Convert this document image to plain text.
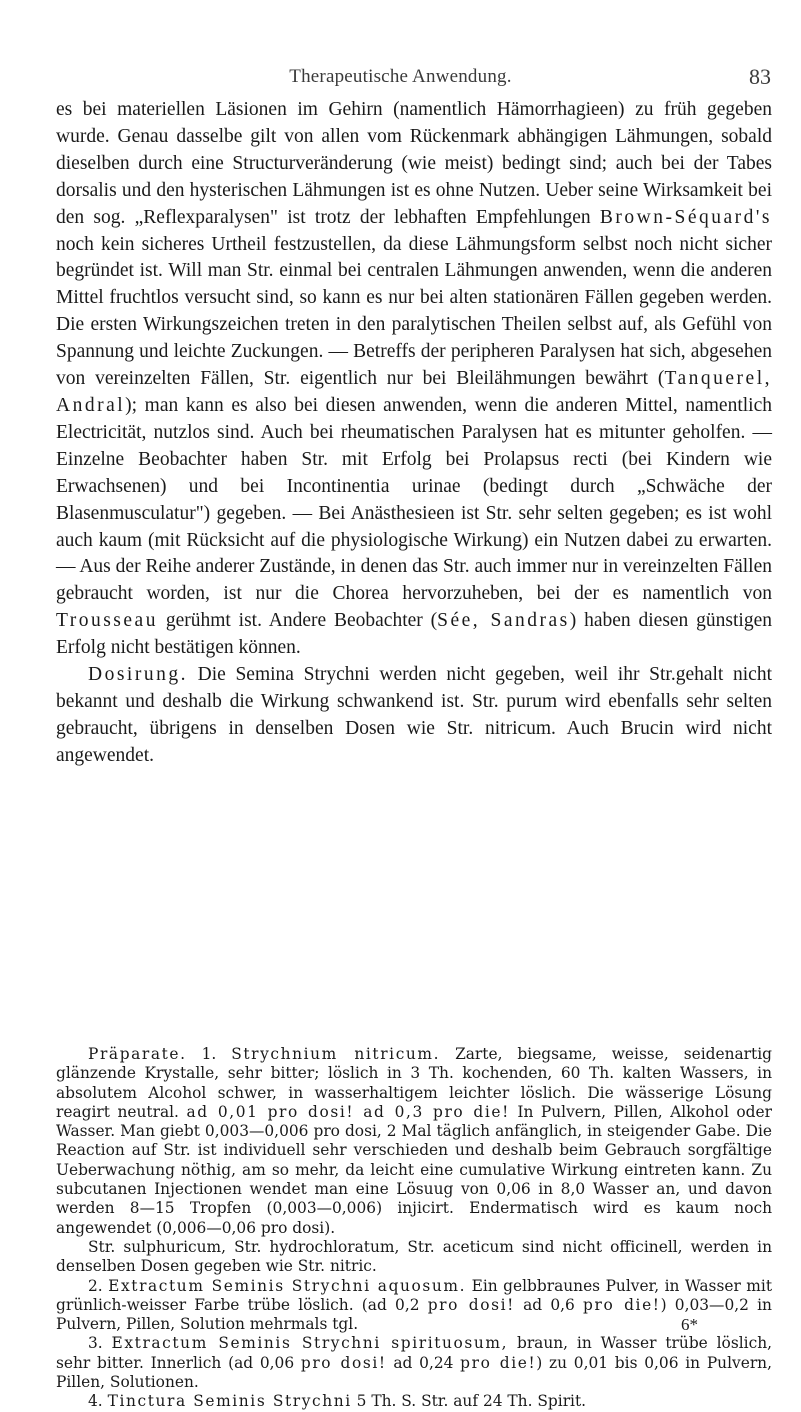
Therapeutische Anwendung.	83

es bei materiellen Läsionen im Gehirn (namentlich Hämorrhagieen) zu früh gegeben wurde. Genau dasselbe gilt von allen vom Rückenmark abhängigen Lähmungen, sobald dieselben durch eine Structurveränderung (wie meist) bedingt sind; auch bei der Tabes dorsalis und den hysterischen Lähmungen ist es ohne Nutzen. Ueber seine Wirksamkeit bei den sog. „Reflexparalysen" ist trotz der lebhaften Empfehlungen Brown-Séquard's noch kein sicheres Urtheil festzustellen, da diese Lähmungsform selbst noch nicht sicher begründet ist. Will man Str. einmal bei centralen Lähmungen anwenden, wenn die anderen Mittel fruchtlos versucht sind, so kann es nur bei alten stationären Fällen gegeben werden. Die ersten Wirkungszeichen treten in den paralytischen Theilen selbst auf, als Gefühl von Spannung und leichte Zuckungen. — Betreffs der peripheren Paralysen hat sich, abgesehen von vereinzelten Fällen, Str. eigentlich nur bei Bleilähmungen bewährt (Tanquerel, Andral); man kann es also bei diesen anwenden, wenn die anderen Mittel, namentlich Electricität, nutzlos sind. Auch bei rheumatischen Paralysen hat es mitunter geholfen. — Einzelne Beobachter haben Str. mit Erfolg bei Prolapsus recti (bei Kindern wie Erwachsenen) und bei Incontinentia urinae (bedingt durch „Schwäche der Blasenmusculatur") gegeben. — Bei Anästhesieen ist Str. sehr selten gegeben; es ist wohl auch kaum (mit Rücksicht auf die physiologische Wirkung) ein Nutzen dabei zu erwarten. — Aus der Reihe anderer Zustände, in denen das Str. auch immer nur in vereinzelten Fällen gebraucht worden, ist nur die Chorea hervorzuheben, bei der es namentlich von Trousseau gerühmt ist. Andere Beobachter (Sée, Sandras) haben diesen günstigen Erfolg nicht bestätigen können.

Dosirung. Die Semina Strychni werden nicht gegeben, weil ihr Str.gehalt nicht bekannt und deshalb die Wirkung schwankend ist. Str. purum wird ebenfalls sehr selten gebraucht, übrigens in denselben Dosen wie Str. nitricum. Auch Brucin wird nicht angewendet.

Präparate. 1. Strychnium nitricum. Zarte, biegsame, weisse, seidenartig glänzende Krystalle, sehr bitter; löslich in 3 Th. kochenden, 60 Th. kalten Wassers, in absolutem Alcohol schwer, in wasserhaltigem leichter löslich. Die wässerige Lösung reagirt neutral. ad 0,01 pro dosi! ad 0,3 pro die! In Pulvern, Pillen, Alkohol oder Wasser. Man giebt 0,003—0,006 pro dosi, 2 Mal täglich anfänglich, in steigender Gabe. Die Reaction auf Str. ist individuell sehr verschieden und deshalb beim Gebrauch sorgfältige Ueberwachung nöthig, am so mehr, da leicht eine cumulative Wirkung eintreten kann. Zu subcutanen Injectionen wendet man eine Lösuug von 0,06 in 8,0 Wasser an, und davon werden 8—15 Tropfen (0,003—0,006) injicirt. Endermatisch wird es kaum noch angewendet (0,006—0,06 pro dosi).

Str. sulphuricum, Str. hydrochloratum, Str. aceticum sind nicht officinell, werden in denselben Dosen gegeben wie Str. nitric.

2. Extractum Seminis Strychni aquosum. Ein gelbbraunes Pulver, in Wasser mit grünlich-weisser Farbe trübe löslich. (ad 0,2 pro dosi! ad 0,6 pro die!) 0,03—0,2 in Pulvern, Pillen, Solution mehrmals tgl.

3. Extractum Seminis Strychni spirituosum, braun, in Wasser trübe löslich, sehr bitter. Innerlich (ad 0,06 pro dosi! ad 0,24 pro die!) zu 0,01 bis 0,06 in Pulvern, Pillen, Solutionen.

4. Tinctura Seminis Strychni 5 Th. S. Str. auf 24 Th. Spirit.

6*
